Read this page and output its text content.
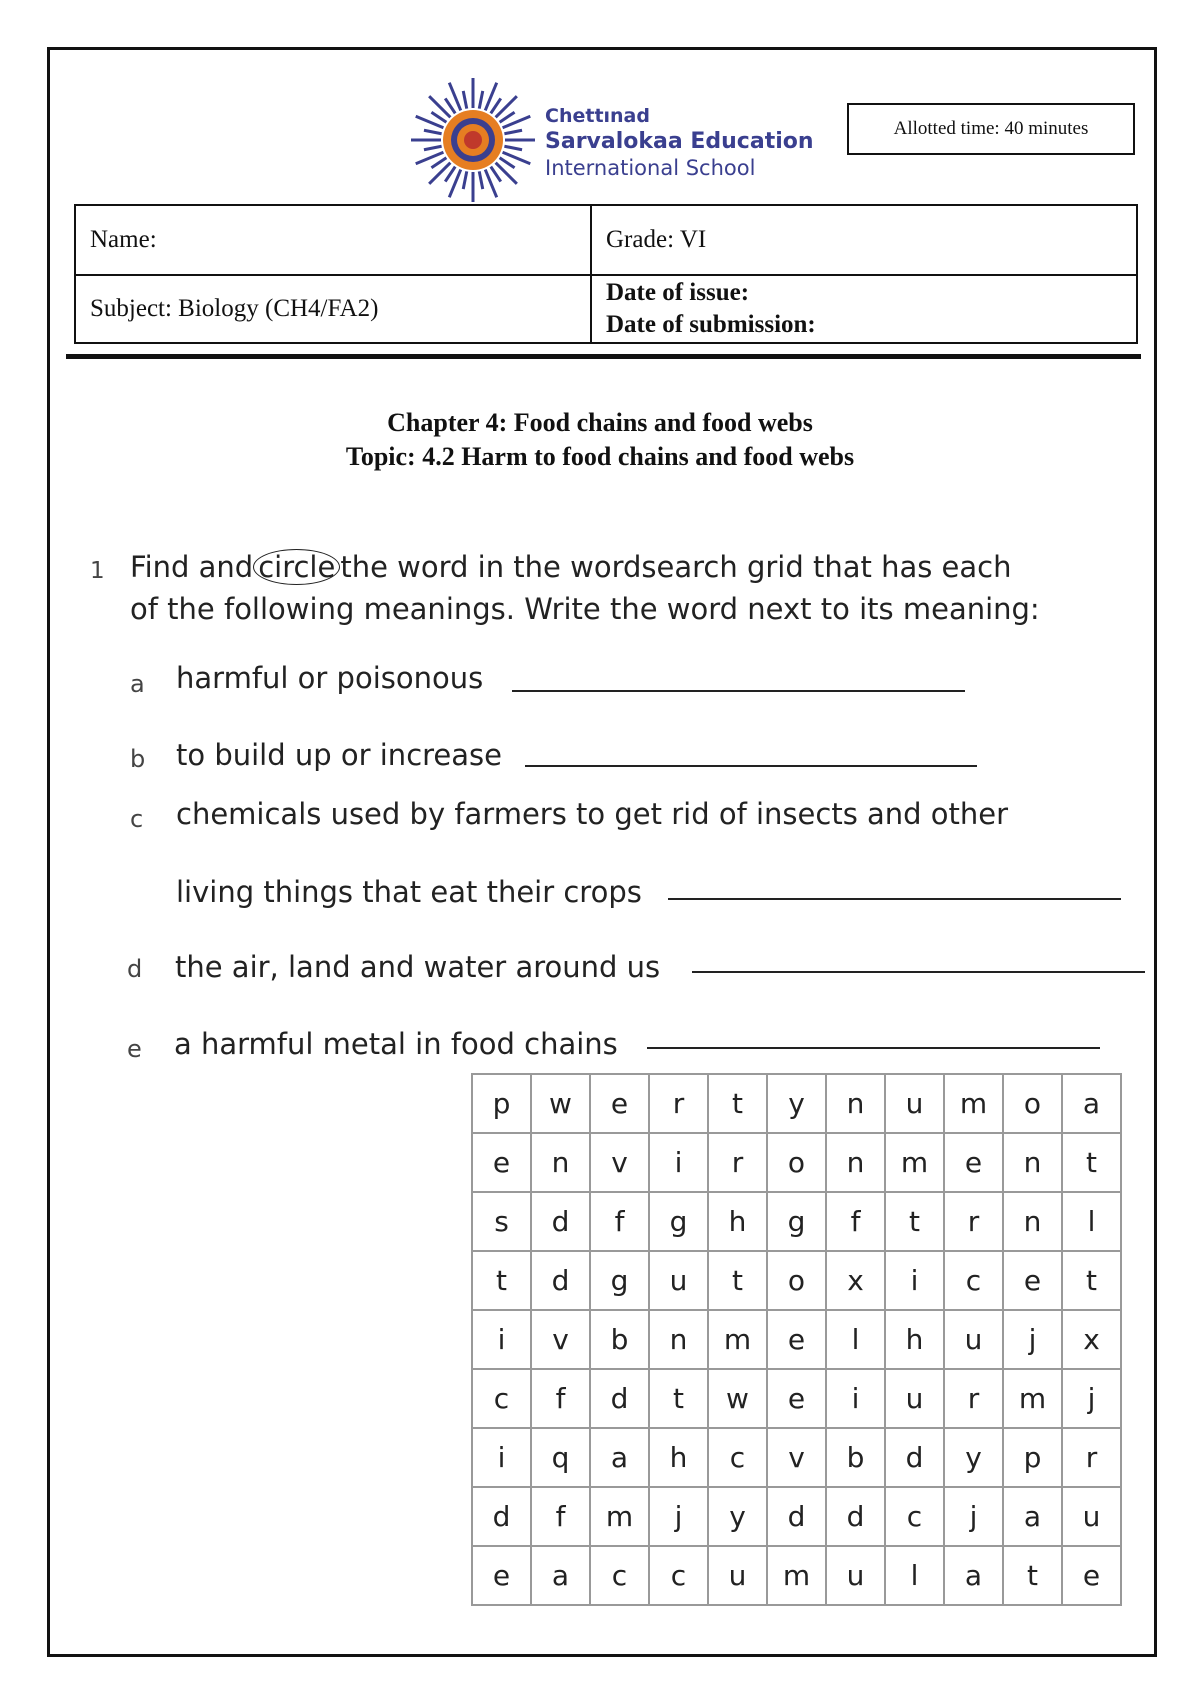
Chettınad
Sarvalokaa Education
International School
Allotted time: 40 minutes
Name:	Grade: VI
Subject: Biology (CH4/FA2)	Date of issue:
Date of submission:
Chapter 4: Food chains and food webs
Topic: 4.2 Harm to food chains and food webs
1 Find and circle the word in the wordsearch grid that has each
of the following meanings. Write the word next to its meaning:
a harmful or poisonous
b to build up or increase
c chemicals used by farmers to get rid of insects and other
living things that eat their crops
d the air, land and water around us
e a harmful metal in food chains
p	w	e	r	t	y	n	u	m	o	a
e	n	v	i	r	o	n	m	e	n	t
s	d	f	g	h	g	f	t	r	n	l
t	d	g	u	t	o	x	i	c	e	t
i	v	b	n	m	e	l	h	u	j	x
c	f	d	t	w	e	i	u	r	m	j
i	q	a	h	c	v	b	d	y	p	r
d	f	m	j	y	d	d	c	j	a	u
e	a	c	c	u	m	u	l	a	t	e
